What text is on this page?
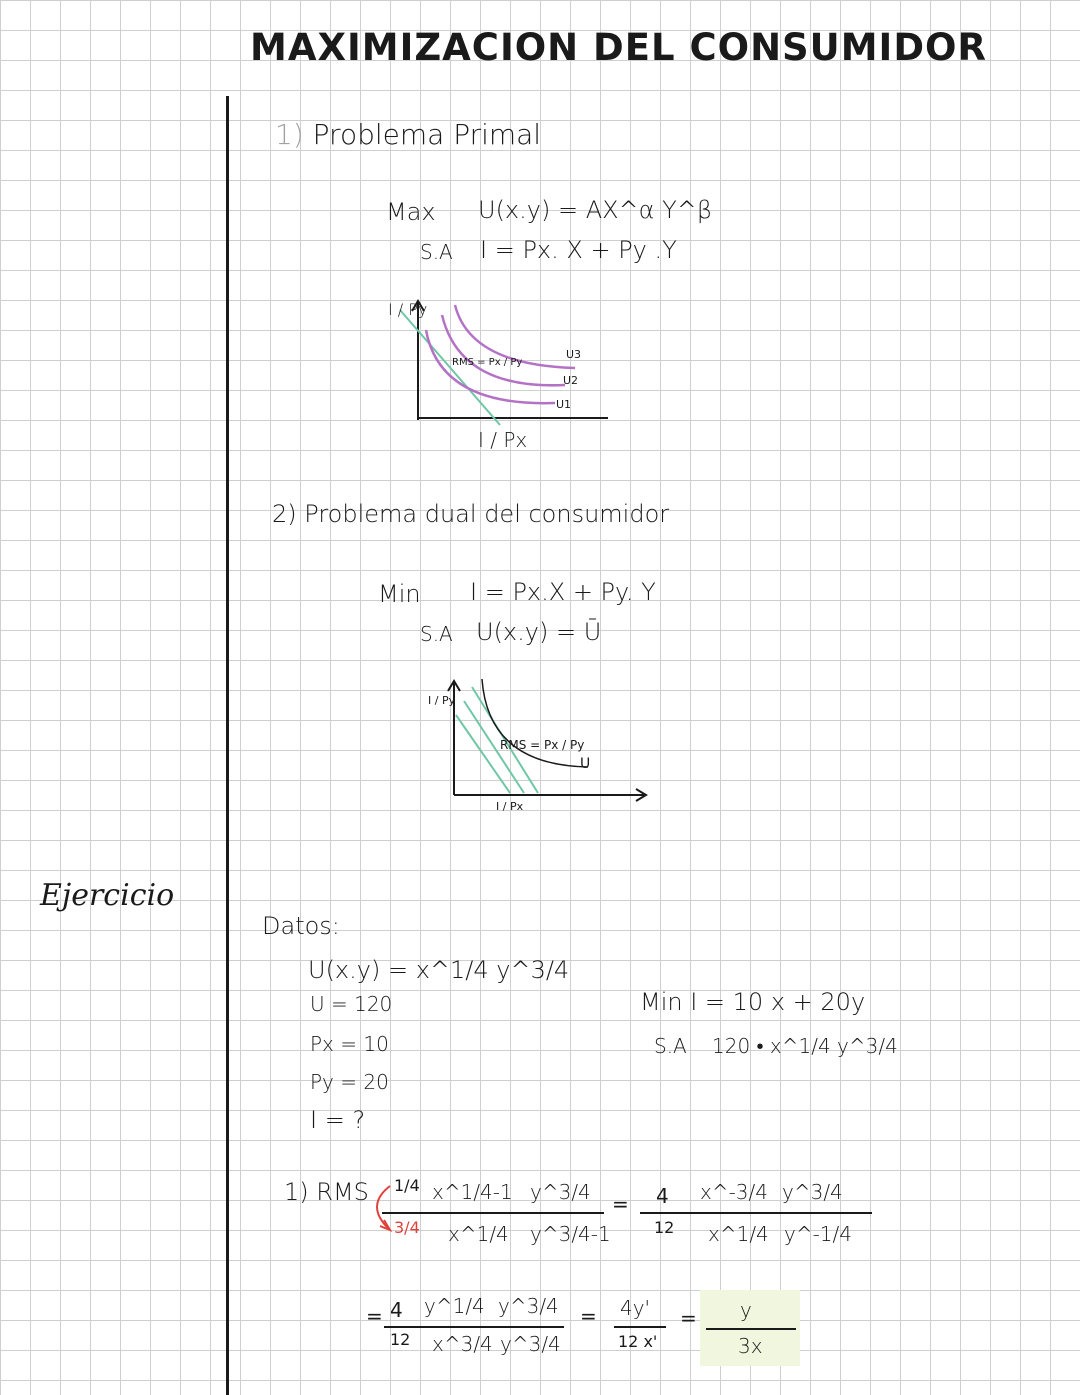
MAXIMIZACION DEL CONSUMIDOR
Ejercicio
1) Problema Primal
Max U(x.y) = AX^α Y^β
S.A I = Px. X + Py .Y
I / Py
I / Px
RMS = Px / Py
U3
U2
U1
2) Problema dual del consumidor
Min I = Px.X + Py. Y
S.A U(x.y) = Ū
I / Py
I / Px
RMS = Px / Py
U
Datos:
U(x.y) = x^1/4 y^3/4
U = 120
Px = 10
Py = 20
I = ?
Min I = 10 x + 20y
S.A 120 • x^1/4 y^3/4
1) RMS 1/4
3/4
x^1/4-1 y^3/4
x^1/4 y^3/4-1
= 4
12
x^-3/4 y^3/4
x^1/4 y^-1/4
= 4
12
y^1/4 y^3/4
x^3/4 y^3/4
= 4y'
12 x'
= y
3x
